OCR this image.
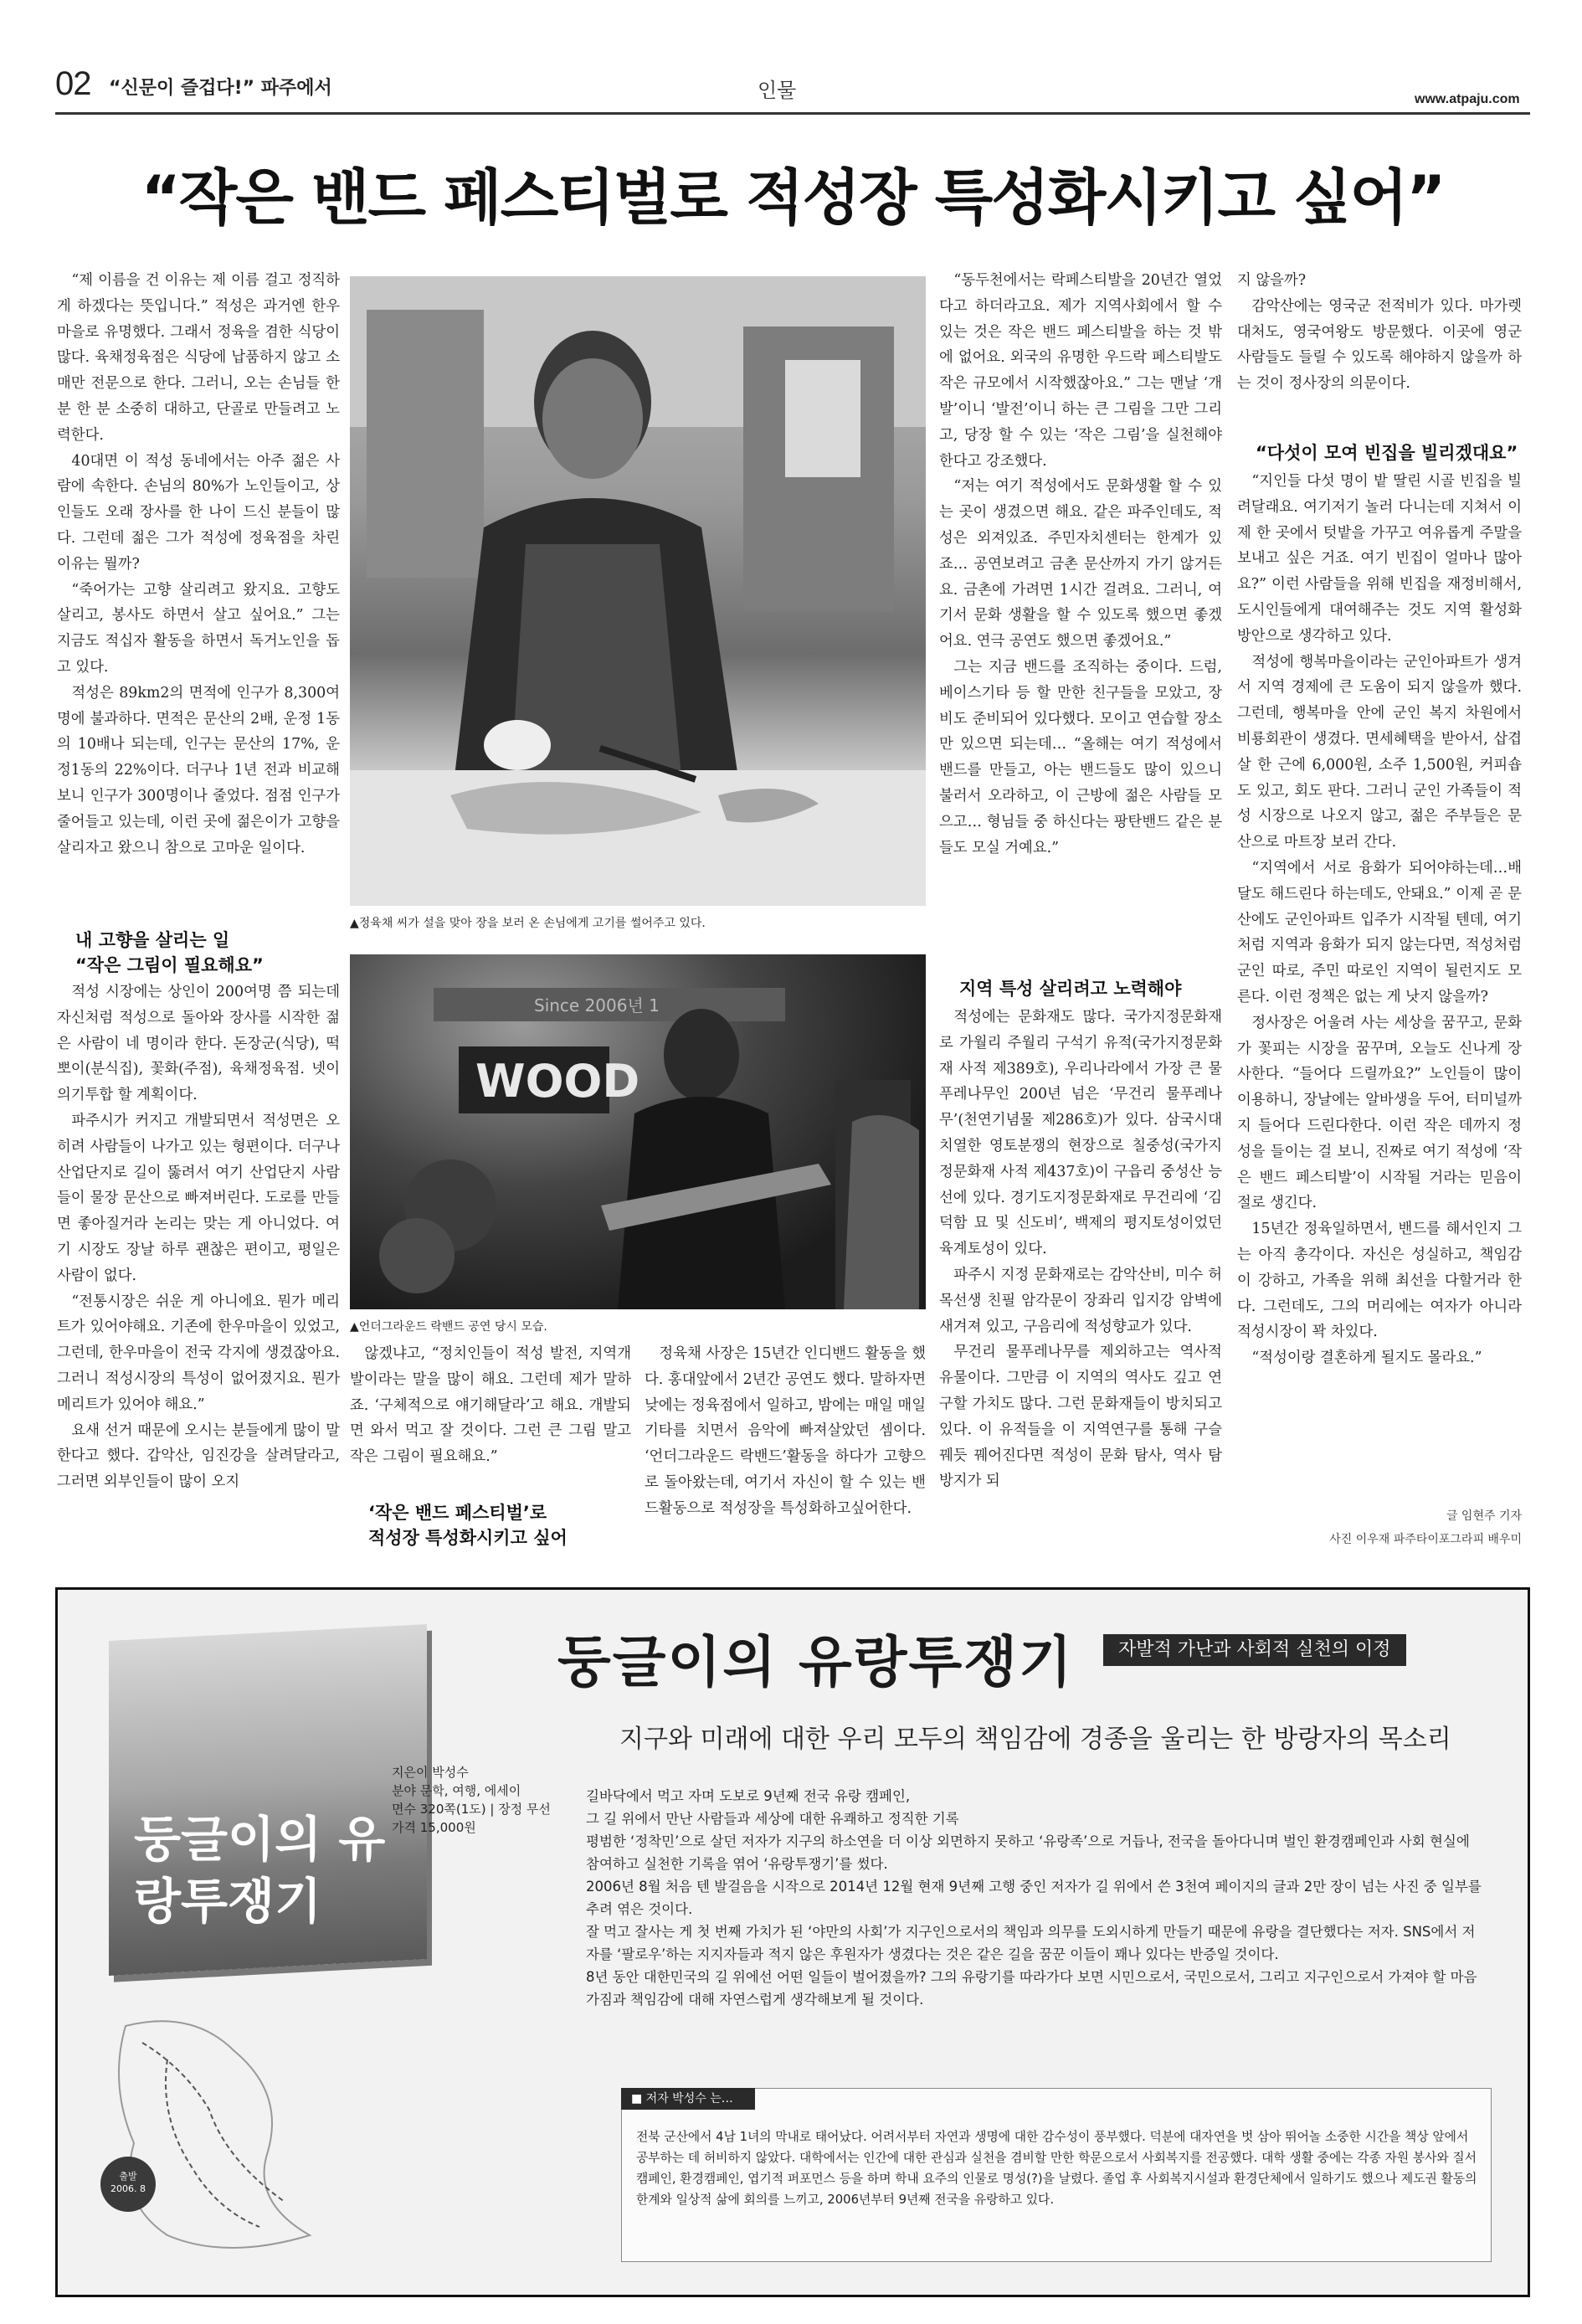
02 “신문이 즐겁다!” 파주에서	인물	www.atpaju.com
“작은 밴드 페스티벌로 적성장 특성화시키고 싶어”

“제 이름을 건 이유는 제 이름 걸고 정직하게 하겠다는 뜻입니다.” 적성은 과거엔 한우마을로 유명했다. 그래서 정육을 겸한 식당이 많다. 육채정육점은 식당에 납품하지 않고 소매만 전문으로 한다. 그러니, 오는 손님들 한 분 한 분 소중히 대하고, 단골로 만들려고 노력한다.

40대면 이 적성 동네에서는 아주 젊은 사람에 속한다. 손님의 80%가 노인들이고, 상인들도 오래 장사를 한 나이 드신 분들이 많다. 그런데 젊은 그가 적성에 정육점을 차린 이유는 뭘까?

“죽어가는 고향 살리려고 왔지요. 고향도 살리고, 봉사도 하면서 살고 싶어요.” 그는 지금도 적십자 활동을 하면서 독거노인을 돕고 있다.

적성은 89km2의 면적에 인구가 8,300여명에 불과하다. 면적은 문산의 2배, 운정 1동의 10배나 되는데, 인구는 문산의 17%, 운정1동의 22%이다. 더구나 1년 전과 비교해보니 인구가 300명이나 줄었다. 점점 인구가 줄어들고 있는데, 이런 곳에 젊은이가 고향을 살리자고 왔으니 참으로 고마운 일이다.

내 고향을 살리는 일
“작은 그림이 필요해요”

적성 시장에는 상인이 200여명 쯤 되는데 자신처럼 적성으로 돌아와 장사를 시작한 젊은 사람이 네 명이라 한다. 돈장군(식당), 떡뽀이(분식집), 꽃화(주점), 육채정육점. 넷이 의기투합 할 계획이다.

파주시가 커지고 개발되면서 적성면은 오히려 사람들이 나가고 있는 형편이다. 더구나 산업단지로 길이 뚫려서 여기 산업단지 사람들이 물장 문산으로 빠져버린다. 도로를 만들면 좋아질거라 논리는 맞는 게 아니었다. 여기 시장도 장날 하루 괜찮은 편이고, 평일은 사람이 없다.

“전통시장은 쉬운 게 아니에요. 뭔가 메리트가 있어야해요. 기존에 한우마을이 있었고, 그런데, 한우마을이 전국 각지에 생겼잖아요. 그러니 적성시장의 특성이 없어졌지요. 뭔가 메리트가 있어야 해요.”

요새 선거 때문에 오시는 분들에게 많이 말한다고 했다. 갑악산, 임진강을 살려달라고, 그러면 외부인들이 많이 오지

▲정육채 씨가 설을 맞아 장을 보러 온 손님에게 고기를 썰어주고 있다.
Since 2006년 1
WOOD
▲언더그라운드 락밴드 공연 당시 모습.

않겠냐고, “정치인들이 적성 발전, 지역개발이라는 말을 많이 해요. 그런데 제가 말하죠. ‘구체적으로 얘기해달라’고 해요. 개발되면 와서 먹고 잘 것이다. 그런 큰 그림 말고 작은 그림이 필요해요.”

‘작은 밴드 페스티벌’로
적성장 특성화시키고 싶어

정육채 사장은 15년간 인디밴드 활동을 했다. 홍대앞에서 2년간 공연도 했다. 말하자면 낮에는 정육점에서 일하고, 밤에는 매일 매일 기타를 치면서 음악에 빠져살았던 셈이다. ‘언더그라운드 락밴드’활동을 하다가 고향으로 돌아왔는데, 여기서 자신이 할 수 있는 밴드활동으로 적성장을 특성화하고싶어한다.

“동두천에서는 락페스티발을 20년간 열었다고 하더라고요. 제가 지역사회에서 할 수 있는 것은 작은 밴드 페스티발을 하는 것 밖에 없어요. 외국의 유명한 우드락 페스티발도 작은 규모에서 시작했잖아요.” 그는 맨날 ‘개발’이니 ‘발전’이니 하는 큰 그림을 그만 그리고, 당장 할 수 있는 ‘작은 그림’을 실천해야한다고 강조했다.

“저는 여기 적성에서도 문화생활 할 수 있는 곳이 생겼으면 해요. 같은 파주인데도, 적성은 외져있죠. 주민자치센터는 한계가 있죠… 공연보려고 금촌 문산까지 가기 않거든요. 금촌에 가려면 1시간 걸려요. 그러니, 여기서 문화 생활을 할 수 있도록 했으면 좋겠어요. 연극 공연도 했으면 좋겠어요.”

그는 지금 밴드를 조직하는 중이다. 드럼, 베이스기타 등 할 만한 친구들을 모았고, 장비도 준비되어 있다했다. 모이고 연습할 장소만 있으면 되는데… “올해는 여기 적성에서 밴드를 만들고, 아는 밴드들도 많이 있으니 불러서 오라하고, 이 근방에 젊은 사람들 모으고… 형님들 중 하신다는 팡탄밴드 같은 분들도 모실 거예요.”

지역 특성 살리려고 노력해야

적성에는 문화재도 많다. 국가지정문화재로 가월리 주월리 구석기 유적(국가지정문화재 사적 제389호), 우리나라에서 가장 큰 물푸레나무인 200년 넘은 ‘무건리 물푸레나무’(천연기념물 제286호)가 있다. 삼국시대 치열한 영토분쟁의 현장으로 칠중성(국가지정문화재 사적 제437호)이 구읍리 중성산 능선에 있다. 경기도지정문화재로 무건리에 ‘김덕함 묘 및 신도비’, 백제의 평지토성이었던 육계토성이 있다.

파주시 지정 문화재로는 감악산비, 미수 허목선생 친필 암각문이 장좌리 입지강 암벽에 새겨져 있고, 구음리에 적성향교가 있다.

무건리 물푸레나무를 제외하고는 역사적 유물이다. 그만큼 이 지역의 역사도 깊고 연구할 가치도 많다. 그런 문화재들이 방치되고 있다. 이 유적들을 이 지역연구를 통해 구슬꿰듯 꿰어진다면 적성이 문화 탐사, 역사 탐방지가 되

지 않을까?

감악산에는 영국군 전적비가 있다. 마가렛 대처도, 영국여왕도 방문했다. 이곳에 영군 사람들도 들릴 수 있도록 해야하지 않을까 하는 것이 정사장의 의문이다.

“다섯이 모여 빈집을 빌리겠대요”

“지인들 다섯 명이 밭 딸린 시골 빈집을 빌려달래요. 여기저기 놀러 다니는데 지쳐서 이제 한 곳에서 텃밭을 가꾸고 여유롭게 주말을 보내고 싶은 거죠. 여기 빈집이 얼마나 많아요?” 이런 사람들을 위해 빈집을 재정비해서, 도시인들에게 대여해주는 것도 지역 활성화 방안으로 생각하고 있다.

적성에 행복마을이라는 군인아파트가 생겨서 지역 경제에 큰 도움이 되지 않을까 했다. 그런데, 행복마을 안에 군인 복지 차원에서 비룡회관이 생겼다. 면세혜택을 받아서, 삽겹살 한 근에 6,000원, 소주 1,500원, 커피숍도 있고, 회도 판다. 그러니 군인 가족들이 적성 시장으로 나오지 않고, 젊은 주부들은 문산으로 마트장 보러 간다.

“지역에서 서로 융화가 되어야하는데…배달도 해드린다 하는데도, 안돼요.” 이제 곧 문산에도 군인아파트 입주가 시작될 텐데, 여기처럼 지역과 융화가 되지 않는다면, 적성처럼 군인 따로, 주민 따로인 지역이 될런지도 모른다. 이런 정책은 없는 게 낫지 않을까?

정사장은 어울려 사는 세상을 꿈꾸고, 문화가 꽃피는 시장을 꿈꾸며, 오늘도 신나게 장사한다. “들어다 드릴까요?” 노인들이 많이 이용하니, 장날에는 알바생을 두어, 터미널까지 들어다 드린다한다. 이런 작은 데까지 정성을 들이는 걸 보니, 진짜로 여기 적성에 ‘작은 밴드 페스티발’이 시작될 거라는 믿음이 절로 생긴다.

15년간 정육일하면서, 밴드를 해서인지 그는 아직 총각이다. 자신은 성실하고, 책임감이 강하고, 가족을 위해 최선을 다할거라 한다. 그런데도, 그의 머리에는 여자가 아니라 적성시장이 꽉 차있다.

“적성이랑 결혼하게 될지도 몰라요.”

글 임현주 기자
사진 이우재 파주타이포그라피 배우미
둥글이의 유랑투쟁기
출발
2006. 8
둥글이의 유랑투쟁기	자발적 가난과 사회적 실천의 이정
지구와 미래에 대한 우리 모두의 책임감에 경종을 울리는 한 방랑자의 목소리
지은이 박성수
분야 문학, 여행, 에세이
면수 320쪽(1도) | 장정 무선
가격 15,000원
길바닥에서 먹고 자며 도보로 9년째 전국 유랑 캠페인,
그 길 위에서 만난 사람들과 세상에 대한 유쾌하고 정직한 기록
평범한 ‘정착민’으로 살던 저자가 지구의 하소연을 더 이상 외면하지 못하고 ‘유랑족’으로 거듭나, 전국을 돌아다니며 벌인 환경캠페인과 사회 현실에 참여하고 실천한 기록을 엮어 ‘유랑투쟁기’를 썼다.
2006년 8월 처음 텐 발걸음을 시작으로 2014년 12월 현재 9년째 고행 중인 저자가 길 위에서 쓴 3천여 페이지의 글과 2만 장이 넘는 사진 중 일부를 추려 엮은 것이다.
잘 먹고 잘사는 게 첫 번째 가치가 된 ‘야만의 사회’가 지구인으로서의 책임과 의무를 도외시하게 만들기 때문에 유랑을 결단했다는 저자. SNS에서 저자를 ‘팔로우’하는 지지자들과 적지 않은 후원자가 생겼다는 것은 같은 길을 꿈꾼 이들이 꽤나 있다는 반증일 것이다.
8년 동안 대한민국의 길 위에선 어떤 일들이 벌어졌을까? 그의 유랑기를 따라가다 보면 시민으로서, 국민으로서, 그리고 지구인으로서 가져야 할 마음가짐과 책임감에 대해 자연스럽게 생각해보게 될 것이다.
■ 저자 박성수 는…
전북 군산에서 4남 1녀의 막내로 태어났다. 어려서부터 자연과 생명에 대한 감수성이 풍부했다. 덕분에 대자연을 벗 삼아 뛰어놀 소중한 시간을 책상 앞에서 공부하는 데 허비하지 않았다. 대학에서는 인간에 대한 관심과 실천을 겸비할 만한 학문으로서 사회복지를 전공했다. 대학 생활 중에는 각종 자원 봉사와 질서캠페인, 환경캠페인, 엽기적 퍼포먼스 등을 하며 학내 요주의 인물로 명성(?)을 날렸다. 졸업 후 사회복지시설과 환경단체에서 일하기도 했으나 제도권 활동의 한계와 일상적 삶에 회의를 느끼고, 2006년부터 9년째 전국을 유랑하고 있다.
